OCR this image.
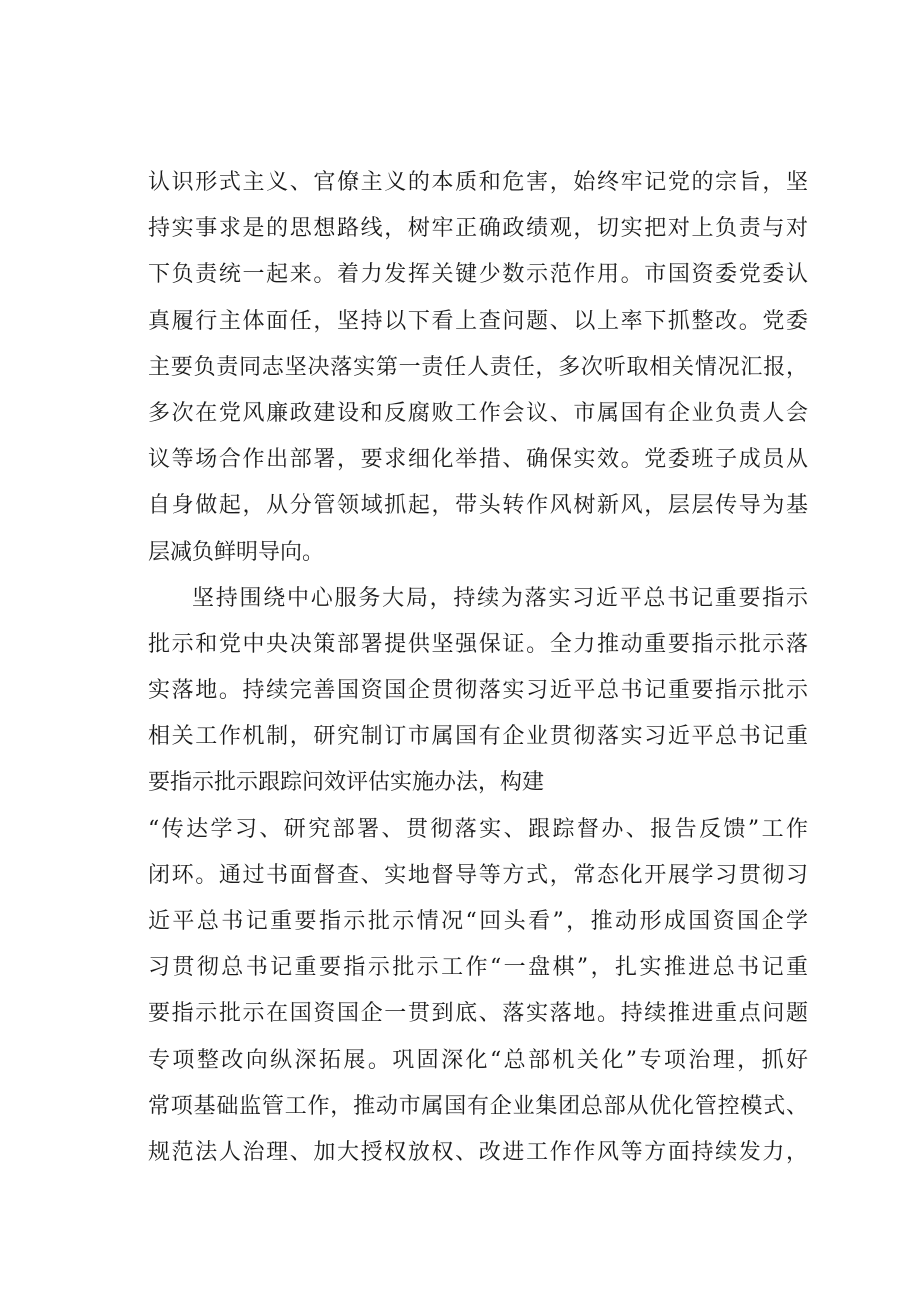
认识形式主义、官僚主义的本质和危害，始终牢记党的宗旨，坚

持实事求是的思想路线，树牢正确政绩观，切实把对上负责与对

下负责统一起来。着力发挥关键少数示范作用。市国资委党委认

真履行主体面任，坚持以下看上查问题、以上率下抓整改。党委

主要负责同志坚决落实第一责任人责任，多次听取相关情况汇报，

多次在党风廉政建设和反腐败工作会议、市属国有企业负责人会

议等场合作出部署，要求细化举措、确保实效。党委班子成员从

自身做起，从分管领域抓起，带头转作风树新风，层层传导为基

层减负鲜明导向。

坚持围绕中心服务大局，持续为落实习近平总书记重要指示

批示和党中央决策部署提供坚强保证。全力推动重要指示批示落

实落地。持续完善国资国企贯彻落实习近平总书记重要指示批示

相关工作机制，研究制订市属国有企业贯彻落实习近平总书记重

要指示批示跟踪问效评估实施办法，构建

“传达学习、研究部署、贯彻落实、跟踪督办、报告反馈”工作

闭环。通过书面督查、实地督导等方式，常态化开展学习贯彻习

近平总书记重要指示批示情况“回头看”，推动形成国资国企学

习贯彻总书记重要指示批示工作“一盘棋”，扎实推进总书记重

要指示批示在国资国企一贯到底、落实落地。持续推进重点问题

专项整改向纵深拓展。巩固深化“总部机关化”专项治理，抓好

常项基础监管工作，推动市属国有企业集团总部从优化管控模式、

规范法人治理、加大授权放权、改进工作作风等方面持续发力，
